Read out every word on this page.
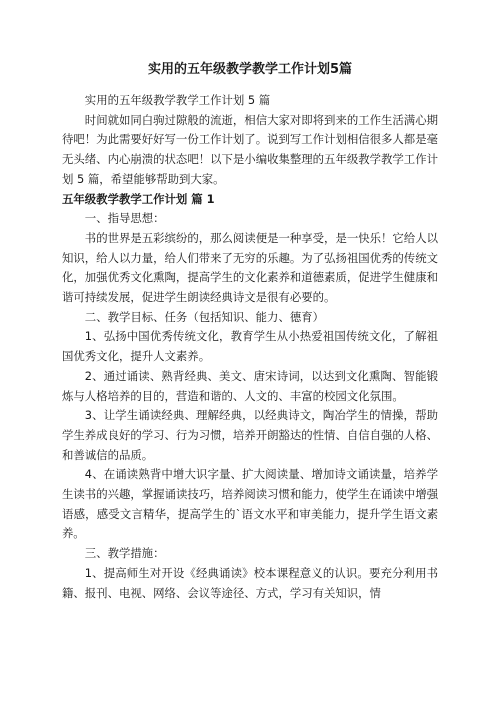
实用的五年级教学教学工作计划5篇

实用的五年级教学教学工作计划 5 篇

时间就如同白驹过隙般的流逝，相信大家对即将到来的工作生活满心期待吧！为此需要好好写一份工作计划了。说到写工作计划相信很多人都是毫无头绪、内心崩溃的状态吧！以下是小编收集整理的五年级教学教学工作计划 5 篇，希望能够帮助到大家。

五年级教学教学工作计划 篇 1

一、指导思想：

书的世界是五彩缤纷的，那么阅读便是一种享受，是一快乐！它给人以知识，给人以力量，给人们带来了无穷的乐趣。为了弘扬祖国优秀的传统文化，加强优秀文化熏陶，提高学生的文化素养和道德素质，促进学生健康和谐可持续发展，促进学生朗读经典诗文是很有必要的。

二、教学目标、任务（包括知识、能力、德育）

1、弘扬中国优秀传统文化，教育学生从小热爱祖国传统文化，了解祖国优秀文化，提升人文素养。

2、通过诵读、熟背经典、美文、唐宋诗词，以达到文化熏陶、智能锻炼与人格培养的目的，营造和谐的、人文的、丰富的校园文化氛围。

3、让学生诵读经典、理解经典，以经典诗文，陶冶学生的情操，帮助学生养成良好的学习、行为习惯，培养开朗豁达的性情、自信自强的人格、和善诚信的品质。

4、在诵读熟背中增大识字量、扩大阅读量、增加诗文诵读量，培养学生读书的兴趣，掌握诵读技巧，培养阅读习惯和能力，使学生在诵读中增强语感，感受文言精华，提高学生的`语文水平和审美能力，提升学生语文素养。

三、教学措施：

1、提高师生对开设《经典诵读》校本课程意义的认识。要充分利用书籍、报刊、电视、网络、会议等途径、方式，学习有关知识，情
